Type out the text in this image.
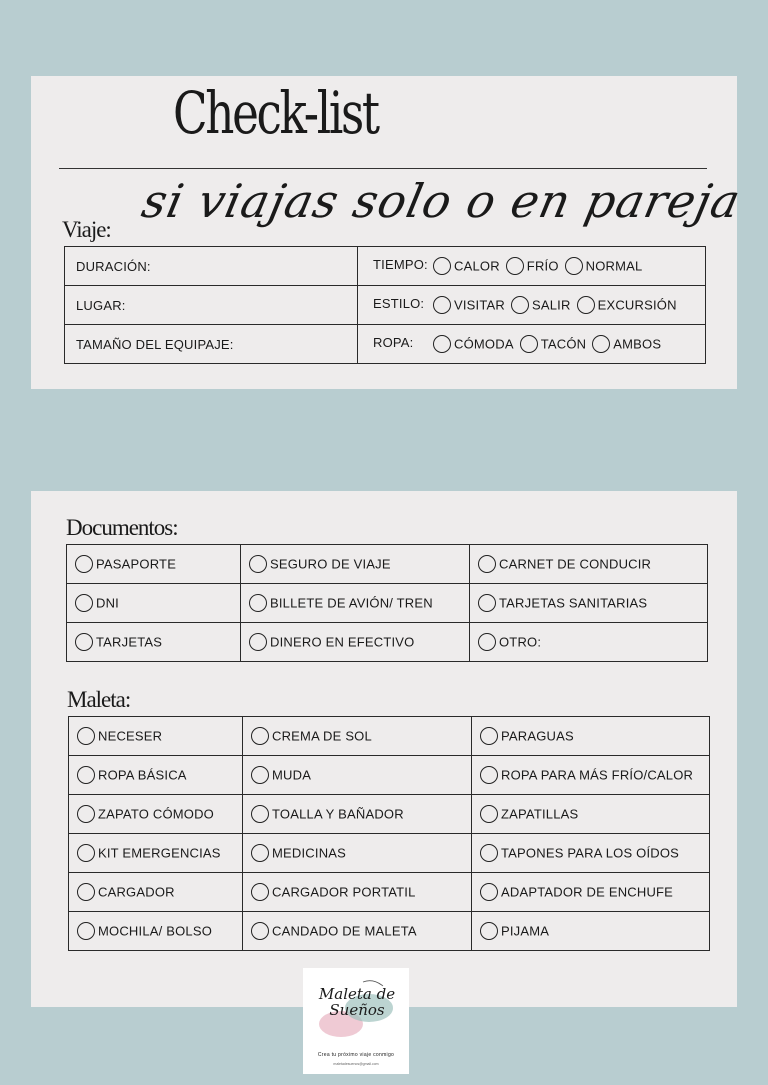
Check-list
si viajas solo o en pareja
Viaje:
DURACIÓN:	TIEMPO: CALOR FRÍO NORMAL
LUGAR:	ESTILO: VISITAR SALIR EXCURSIÓN
TAMAÑO DEL EQUIPAJE:	ROPA: CÓMODA TACÓN AMBOS
Documentos:
PASAPORTE	SEGURO DE VIAJE	CARNET DE CONDUCIR
DNI	BILLETE DE AVIÓN/ TREN	TARJETAS SANITARIAS
TARJETAS	DINERO EN EFECTIVO	OTRO:
Maleta:
NECESER	CREMA DE SOL	PARAGUAS
ROPA BÁSICA	MUDA	ROPA PARA MÁS FRÍO/CALOR
ZAPATO CÓMODO	TOALLA Y BAÑADOR	ZAPATILLAS
KIT EMERGENCIAS	MEDICINAS	TAPONES PARA LOS OÍDOS
CARGADOR	CARGADOR PORTATIL	ADAPTADOR DE ENCHUFE
MOCHILA/ BOLSO	CANDADO DE MALETA	PIJAMA
Maleta de Sueños
Crea tu próximo viaje conmigo
maletadesuenos@gmail.com
